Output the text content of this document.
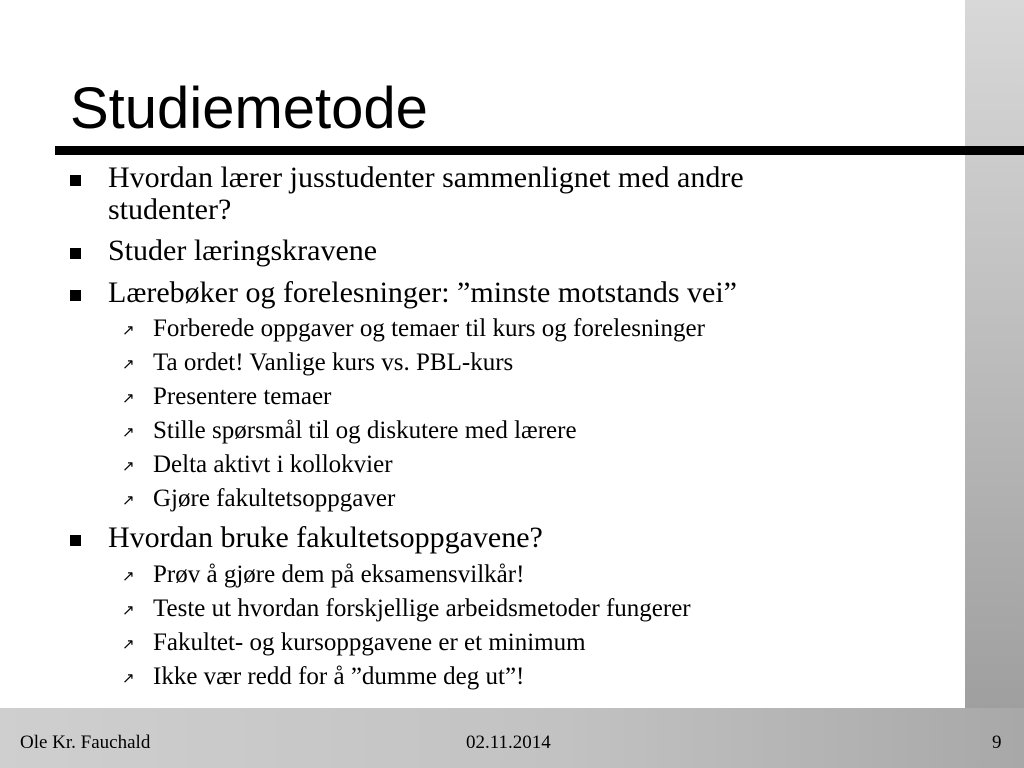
Studiemetode
Hvordan lærer jusstudenter sammenlignet med andre studenter?
Studer læringskravene
Lærebøker og forelesninger: ”minste motstands vei”
↗ Forberede oppgaver og temaer til kurs og forelesninger
↗ Ta ordet! Vanlige kurs vs. PBL-kurs
↗ Presentere temaer
↗ Stille spørsmål til og diskutere med lærere
↗ Delta aktivt i kollokvier
↗ Gjøre fakultetsoppgaver
Hvordan bruke fakultetsoppgavene?
↗ Prøv å gjøre dem på eksamensvilkår!
↗ Teste ut hvordan forskjellige arbeidsmetoder fungerer
↗ Fakultet- og kursoppgavene er et minimum
↗ Ikke vær redd for å ”dumme deg ut”!
Ole Kr. Fauchald	02.11.2014	9
